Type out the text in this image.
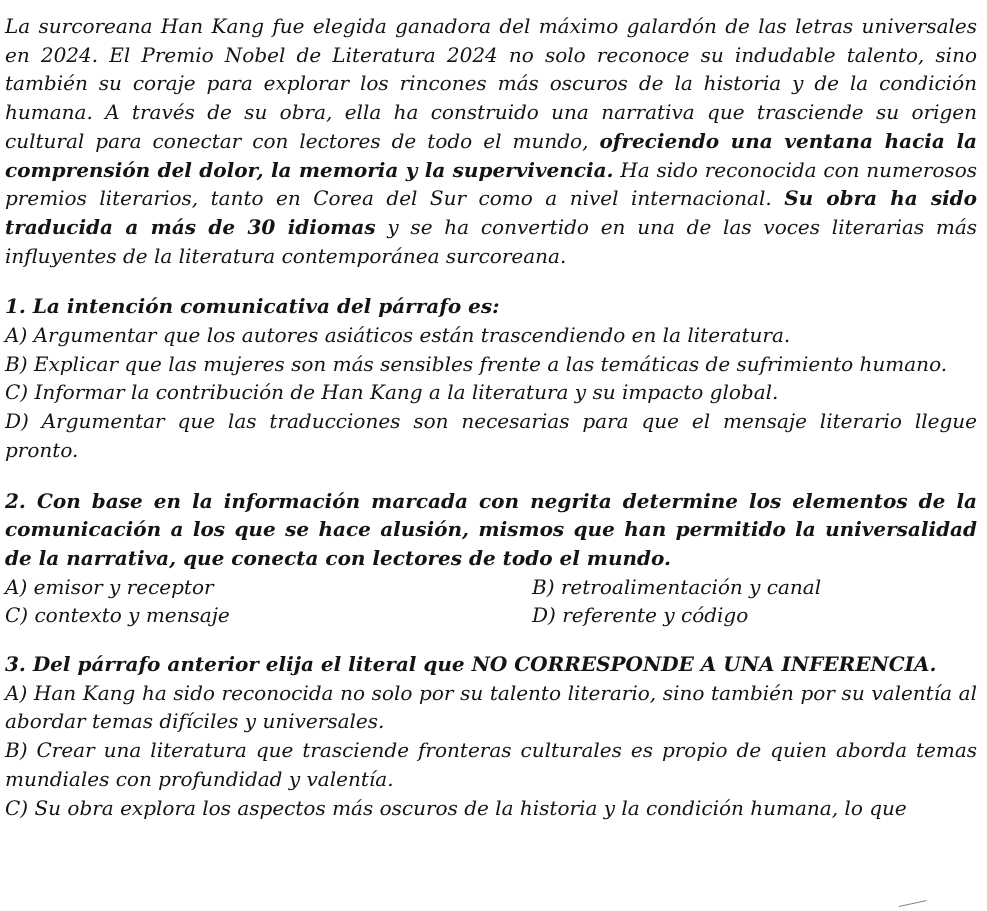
La surcoreana Han Kang fue elegida ganadora del máximo galardón de las letras universales en 2024. El Premio Nobel de Literatura 2024 no solo reconoce su indudable talento, sino también su coraje para explorar los rincones más oscuros de la historia y de la condición humana. A través de su obra, ella ha construido una narrativa que trasciende su origen cultural para conectar con lectores de todo el mundo, ofreciendo una ventana hacia la comprensión del dolor, la memoria y la supervivencia. Ha sido reconocida con numerosos premios literarios, tanto en Corea del Sur como a nivel internacional. Su obra ha sido traducida a más de 30 idiomas y se ha convertido en una de las voces literarias más influyentes de la literatura contemporánea surcoreana.

1. La intención comunicativa del párrafo es:

A) Argumentar que los autores asiáticos están trascendiendo en la literatura.

B) Explicar que las mujeres son más sensibles frente a las temáticas de sufrimiento humano.

C) Informar la contribución de Han Kang a la literatura y su impacto global.

D) Argumentar que las traducciones son necesarias para que el mensaje literario llegue pronto.

2. Con base en la información marcada con negrita determine los elementos de la comunicación a los que se hace alusión, mismos que han permitido la universalidad de la narrativa, que conecta con lectores de todo el mundo.

A) emisor y receptor	B) retroalimentación y canal
C) contexto y mensaje	D) referente y código

3. Del párrafo anterior elija el literal que NO CORRESPONDE A UNA INFERENCIA.

A) Han Kang ha sido reconocida no solo por su talento literario, sino también por su valentía al abordar temas difíciles y universales.

B) Crear una literatura que trasciende fronteras culturales es propio de quien aborda temas mundiales con profundidad y valentía.

C) Su obra explora los aspectos más oscuros de la historia y la condición humana, lo que
